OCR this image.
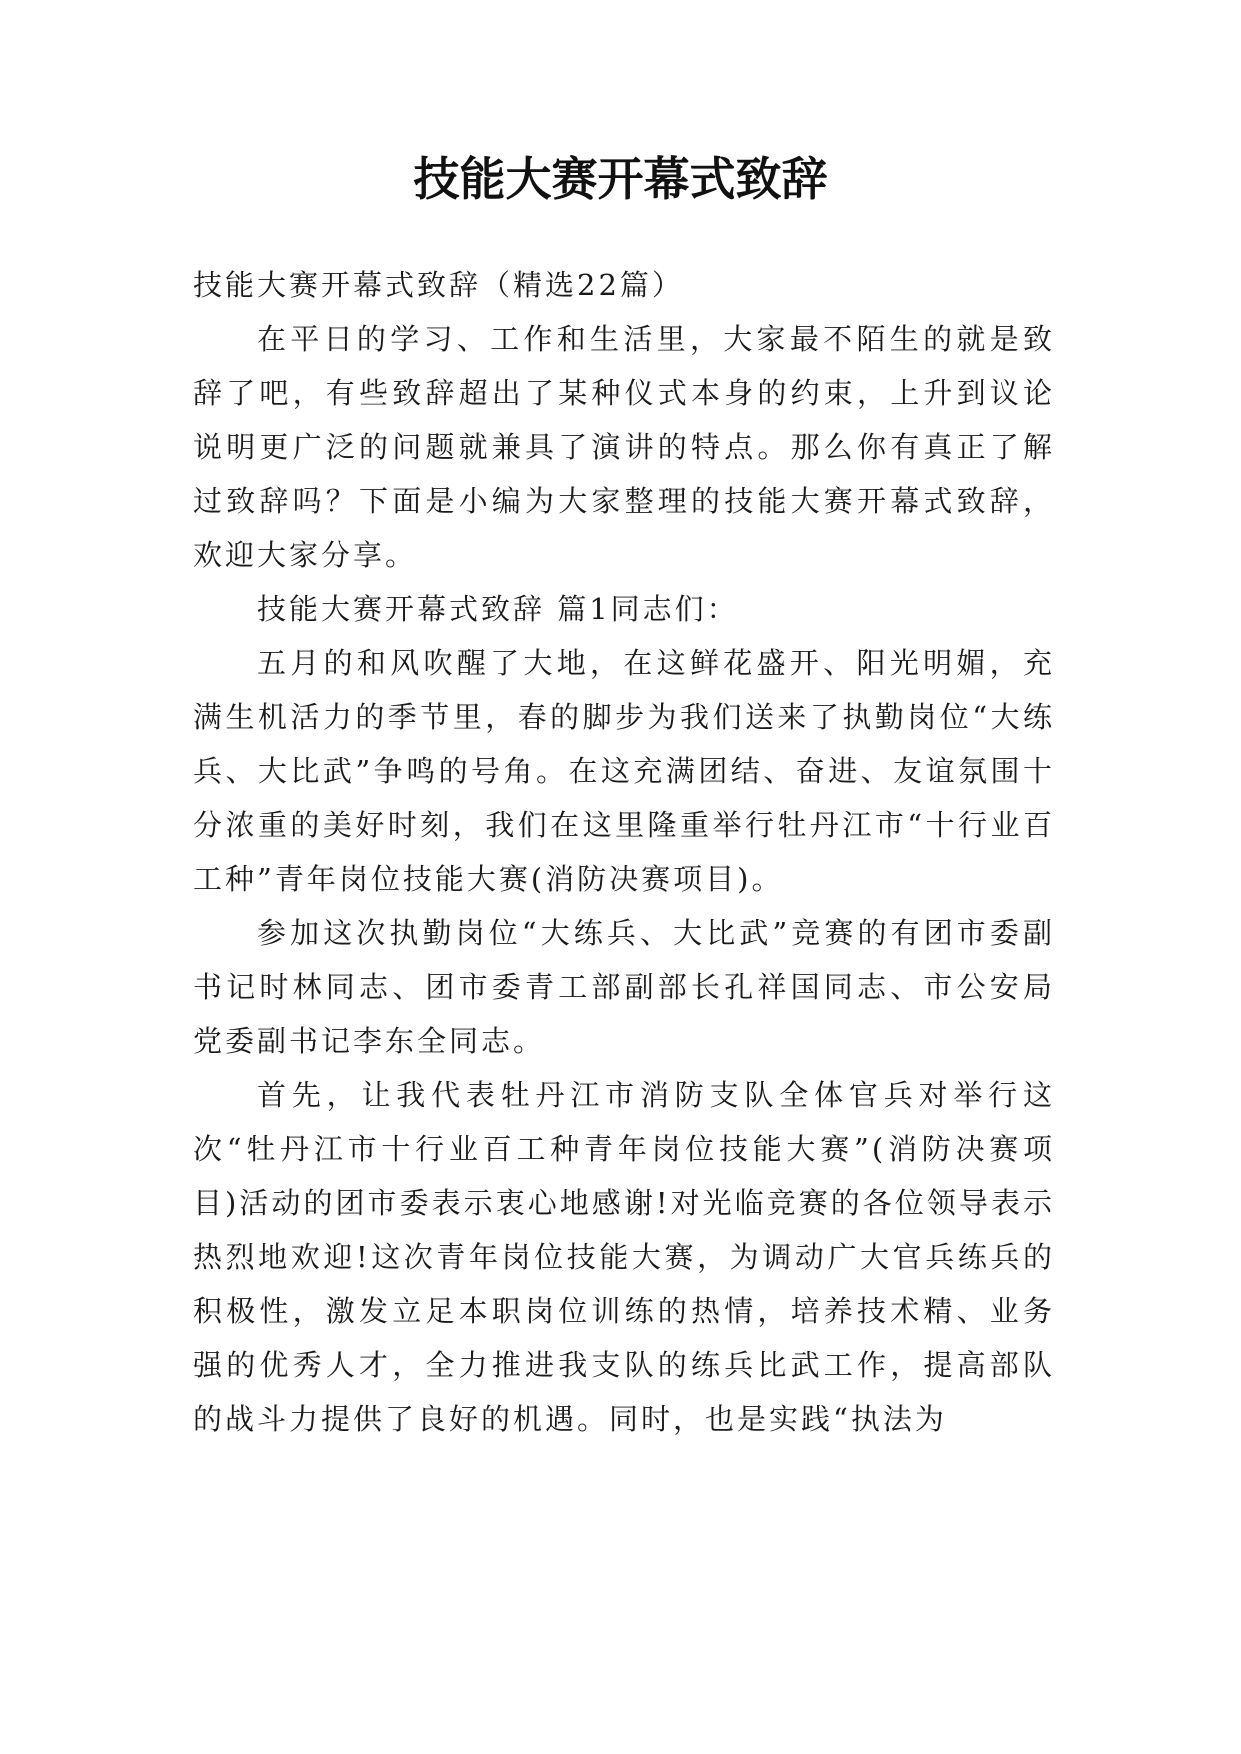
技能大赛开幕式致辞

技能大赛开幕式致辞（精选22篇）

在平日的学习、工作和生活里，大家最不陌生的就是致辞了吧，有些致辞超出了某种仪式本身的约束，上升到议论说明更广泛的问题就兼具了演讲的特点。那么你有真正了解过致辞吗？下面是小编为大家整理的技能大赛开幕式致辞，欢迎大家分享。

技能大赛开幕式致辞 篇1同志们：

五月的和风吹醒了大地，在这鲜花盛开、阳光明媚，充满生机活力的季节里，春的脚步为我们送来了执勤岗位“大练兵、大比武”争鸣的号角。在这充满团结、奋进、友谊氛围十分浓重的美好时刻，我们在这里隆重举行牡丹江市“十行业百工种”青年岗位技能大赛(消防决赛项目)。

参加这次执勤岗位“大练兵、大比武”竞赛的有团市委副书记时林同志、团市委青工部副部长孔祥国同志、市公安局党委副书记李东全同志。

首先，让我代表牡丹江市消防支队全体官兵对举行这次“牡丹江市十行业百工种青年岗位技能大赛”(消防决赛项目)活动的团市委表示衷心地感谢!对光临竞赛的各位领导表示热烈地欢迎!这次青年岗位技能大赛，为调动广大官兵练兵的积极性，激发立足本职岗位训练的热情，培养技术精、业务强的优秀人才，全力推进我支队的练兵比武工作，提高部队的战斗力提供了良好的机遇。同时，也是实践“执法为
